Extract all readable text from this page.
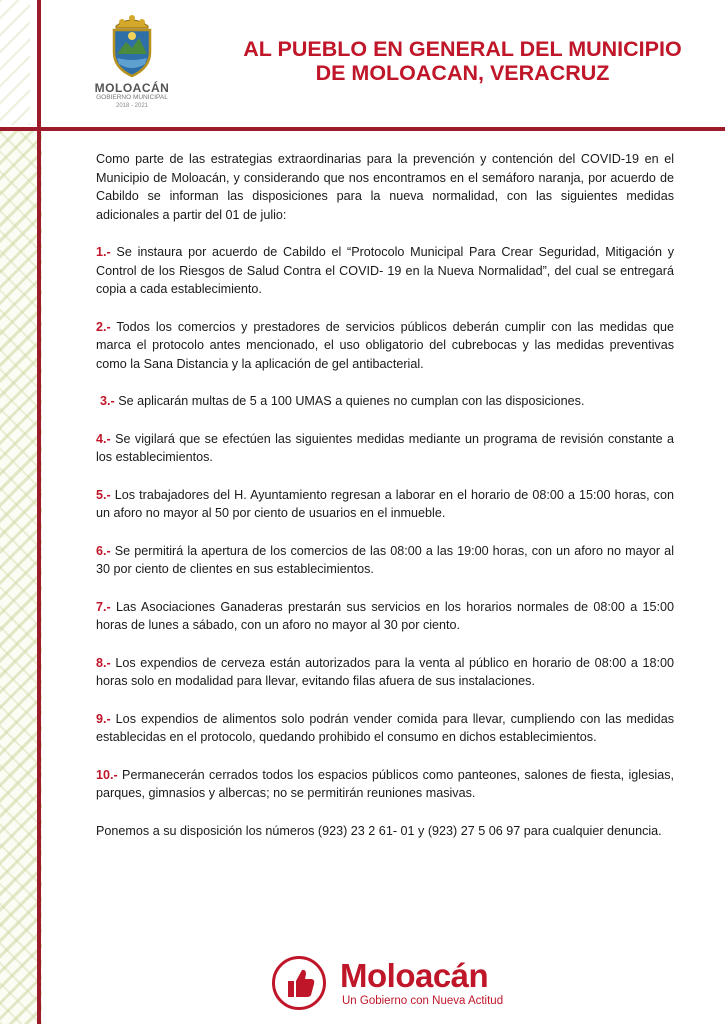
MOLOACÁN
GOBIERNO MUNICIPAL
2018 - 2021
AL PUEBLO EN GENERAL DEL MUNICIPIO
DE MOLOACAN, VERACRUZ

Como parte de las estrategias extraordinarias para la prevención y contención del COVID-19 en el Municipio de Moloacán, y considerando que nos encontramos en el semáforo naranja, por acuerdo de Cabildo se informan las disposiciones para la nueva normalidad, con las siguientes medidas adicionales a partir del 01 de julio:

1.- Se instaura por acuerdo de Cabildo el “Protocolo Municipal Para Crear Seguridad, Mitigación y Control de los Riesgos de Salud Contra el COVID- 19 en la Nueva Normalidad”, del cual se entregará copia a cada establecimiento.

2.- Todos los comercios y prestadores de servicios públicos deberán cumplir con las medidas que marca el protocolo antes mencionado, el uso obligatorio del cubrebocas y las medidas preventivas como la Sana Distancia y la aplicación de gel antibacterial.

3.- Se aplicarán multas de 5 a 100 UMAS a quienes no cumplan con las disposiciones.

4.- Se vigilará que se efectúen las siguientes medidas mediante un programa de revisión constante a los establecimientos.

5.- Los trabajadores del H. Ayuntamiento regresan a laborar en el horario de 08:00 a 15:00 horas, con un aforo no mayor al 50 por ciento de usuarios en el inmueble.

6.- Se permitirá la apertura de los comercios de las 08:00 a las 19:00 horas, con un aforo no mayor al 30 por ciento de clientes en sus establecimientos.

7.- Las Asociaciones Ganaderas prestarán sus servicios en los horarios normales de 08:00 a 15:00 horas de lunes a sábado, con un aforo no mayor al 30 por ciento.

8.- Los expendios de cerveza están autorizados para la venta al público en horario de 08:00 a 18:00 horas solo en modalidad para llevar, evitando filas afuera de sus instalaciones.

9.- Los expendios de alimentos solo podrán vender comida para llevar, cumpliendo con las medidas establecidas en el protocolo, quedando prohibido el consumo en dichos establecimientos.

10.- Permanecerán cerrados todos los espacios públicos como panteones, salones de fiesta, iglesias, parques, gimnasios y albercas; no se permitirán reuniones masivas.

Ponemos a su disposición los números (923) 23 2 61- 01 y (923) 27 5 06 97 para cualquier denuncia.

Moloacán
Un Gobierno con Nueva Actitud
